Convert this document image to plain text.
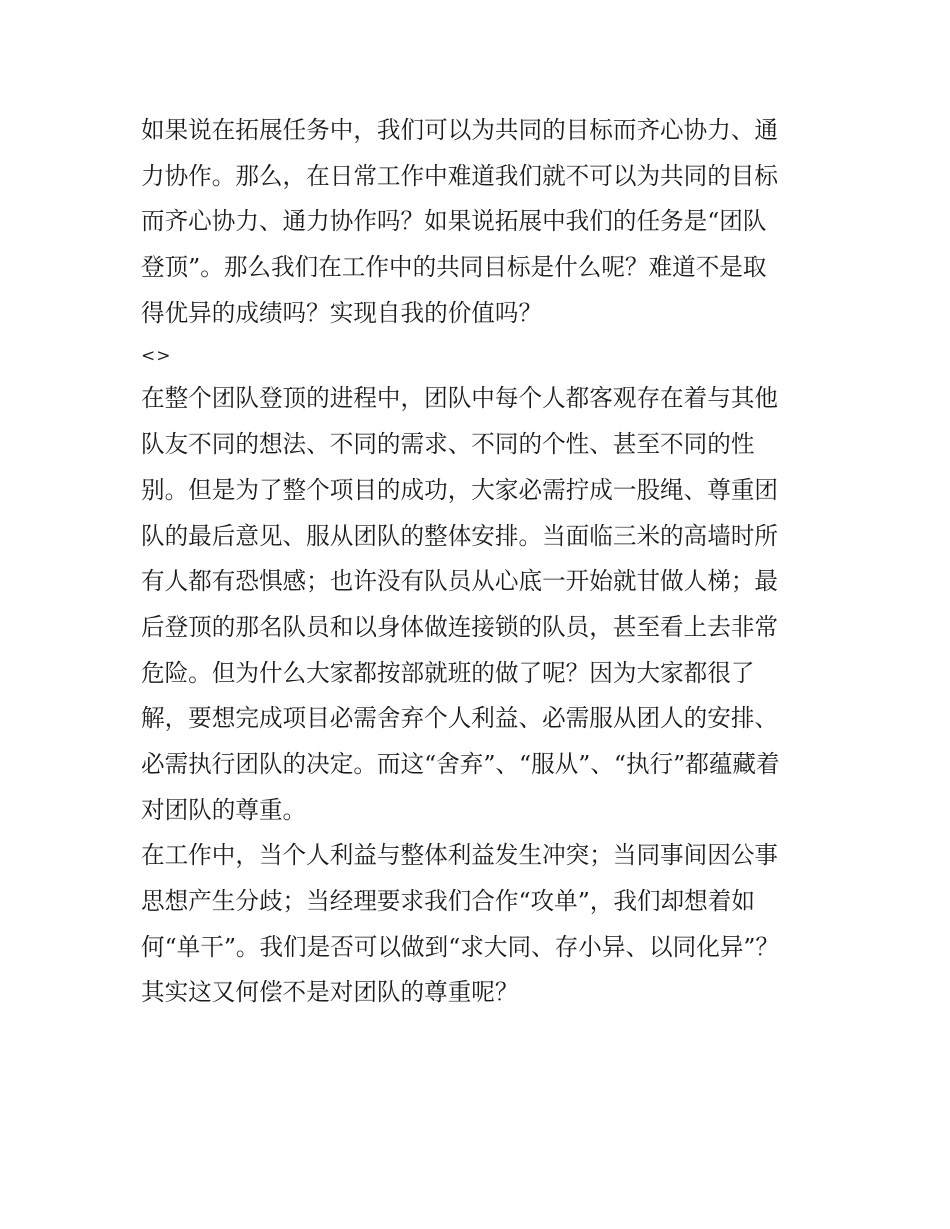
如果说在拓展任务中，我们可以为共同的目标而齐心协力、通
力协作。那么，在日常工作中难道我们就不可以为共同的目标
而齐心协力、通力协作吗？如果说拓展中我们的任务是“团队
登顶”。那么我们在工作中的共同目标是什么呢？难道不是取
得优异的成绩吗？实现自我的价值吗？
<>
在整个团队登顶的进程中，团队中每个人都客观存在着与其他
队友不同的想法、不同的需求、不同的个性、甚至不同的性
别。但是为了整个项目的成功，大家必需拧成一股绳、尊重团
队的最后意见、服从团队的整体安排。当面临三米的高墙时所
有人都有恐惧感；也许没有队员从心底一开始就甘做人梯；最
后登顶的那名队员和以身体做连接锁的队员，甚至看上去非常
危险。但为什么大家都按部就班的做了呢？因为大家都很了
解，要想完成项目必需舍弃个人利益、必需服从团人的安排、
必需执行团队的决定。而这“舍弃”、“服从”、“执行”都蕴藏着
对团队的尊重。
在工作中，当个人利益与整体利益发生冲突；当同事间因公事
思想产生分歧；当经理要求我们合作“攻单”，我们却想着如
何“单干”。我们是否可以做到“求大同、存小异、以同化异”？
其实这又何偿不是对团队的尊重呢？
